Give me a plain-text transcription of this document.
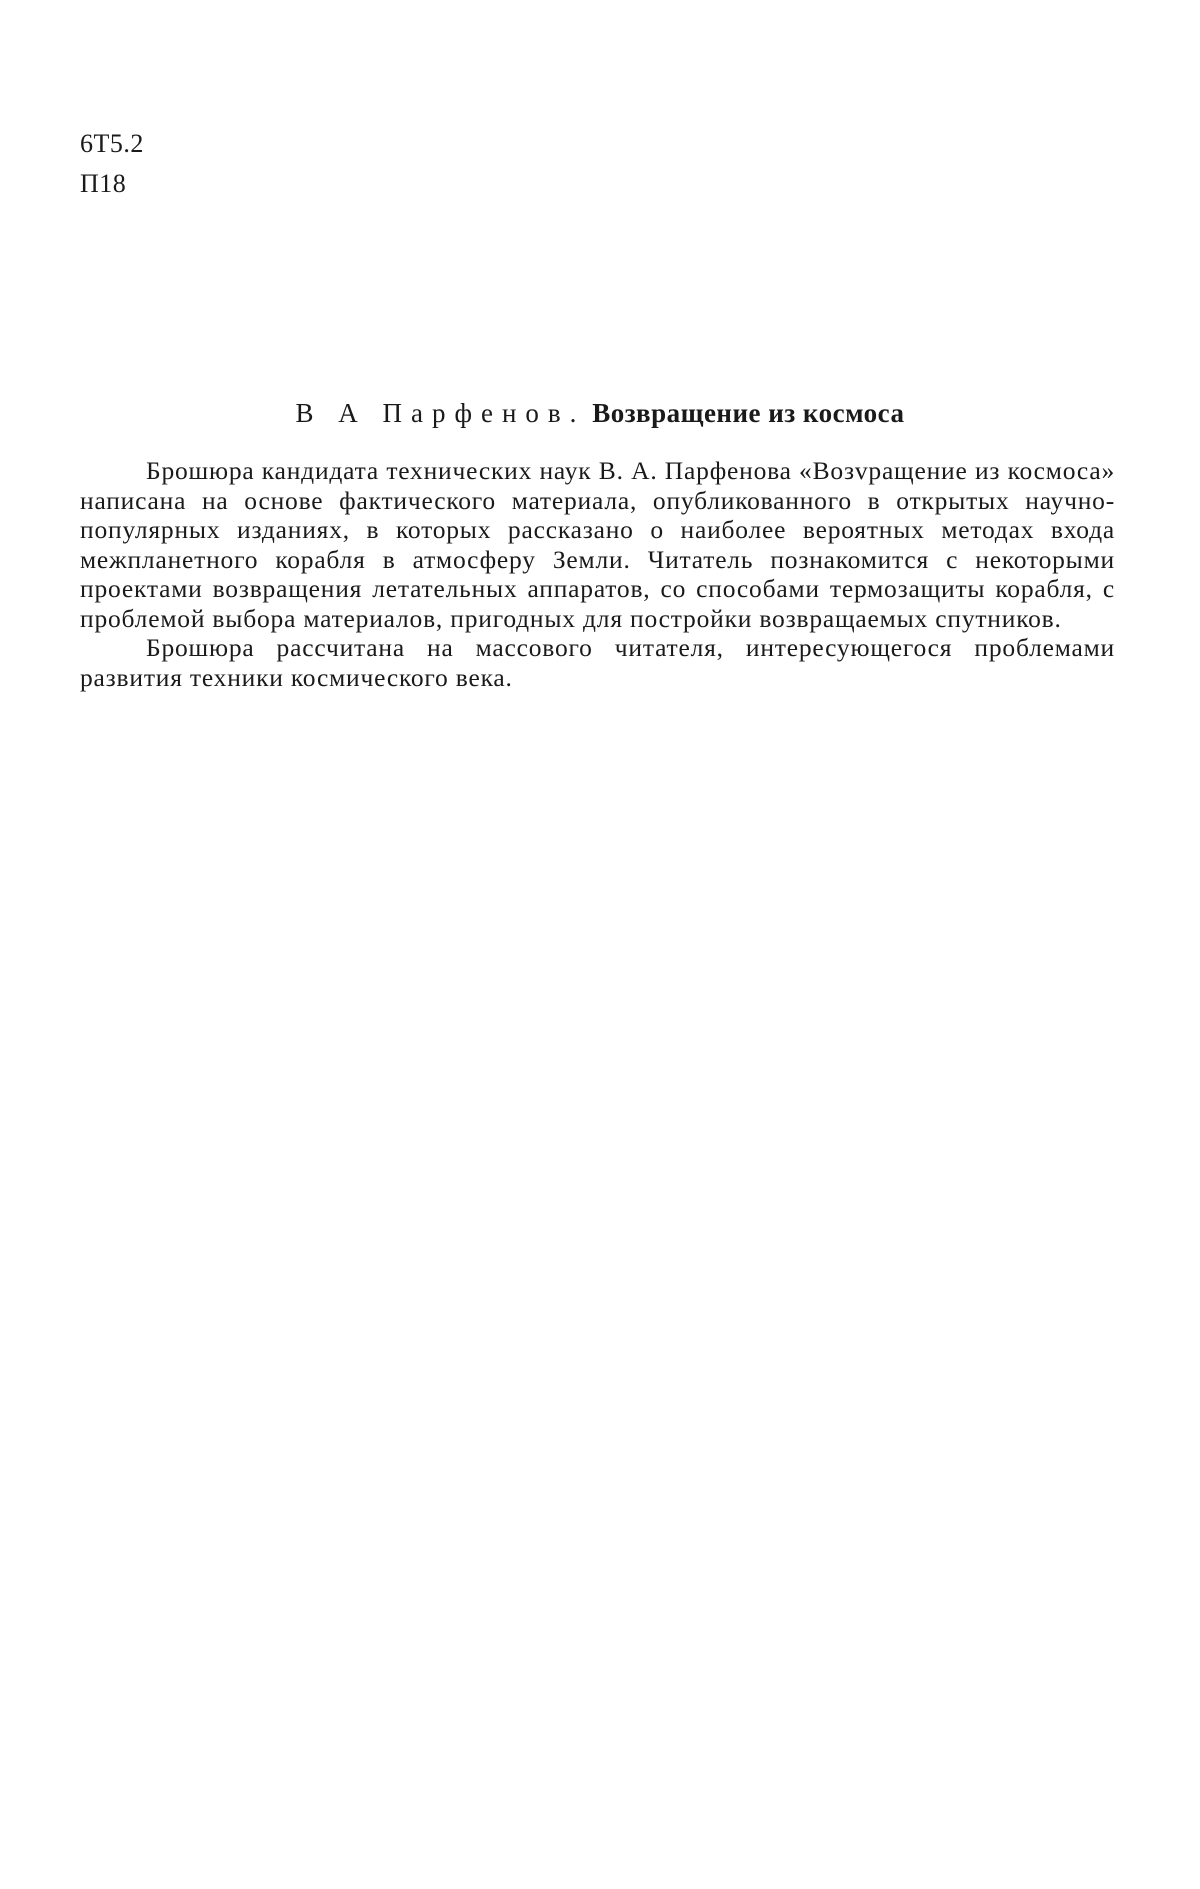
6Т5.2
П18
В А Парфенов. Возвращение из космоса

Брошюра кандидата технических наук В. А. Парфенова «Возvращение из космоса» написана на основе фактического материала, опубликованного в открытых научно-популярных изданиях, в которых рассказано о наиболее вероятных методах входа межпланетного корабля в атмосферу Земли. Читатель познакомится с некоторыми проектами возвращения летательных аппаратов, со способами термозащиты корабля, с проблемой выбора материалов, пригодных для постройки возвращаемых спутников.

Брошюра рассчитана на массового читателя, интересующегося проблемами развития техники космического века.
